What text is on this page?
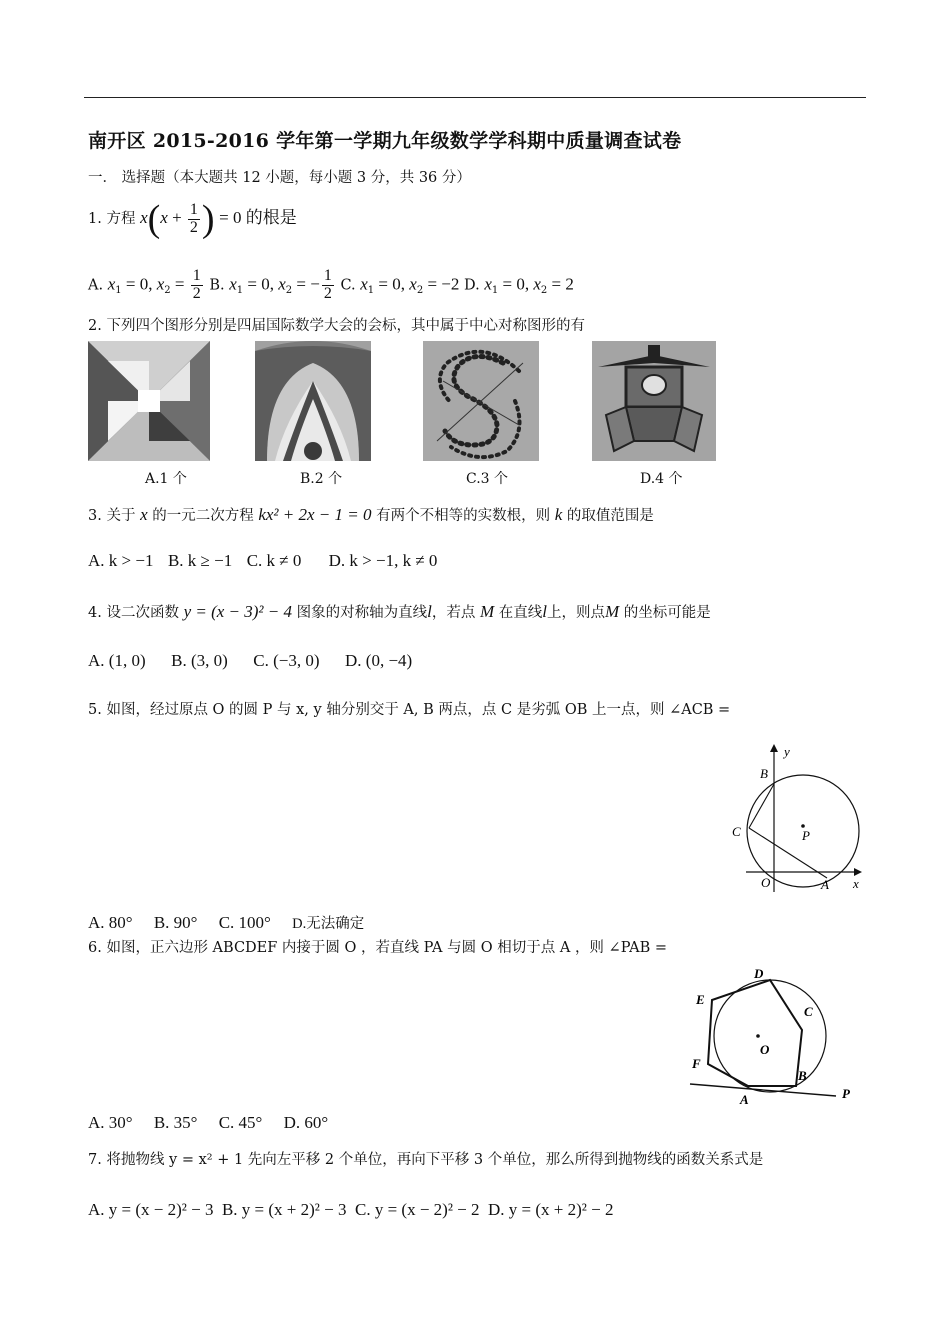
南开区 2015-2016 学年第一学期九年级数学学科期中质量调查试卷
一． 选择题（本大题共 12 小题，每小题 3 分，共 36 分）
1. 方程 $x(x + \frac{1}{2}$ ) = 0 的根是
A. $x_1 = 0$, $x_2 = \frac{1}{2} B$. $x_1 = 0$, $x_2$ = − $\frac{1}{2} C$. $x_1 = 0$, $x_2 = -2$ D. $x_1 = 0$, $x_2 = 2$
2. 下列四个图形分别是四届国际数学大会的会标，其中属于中心对称图形的有
A.1 个	B.2 个	C.3 个	D.4 个
3. 关于 x 的一元二次方程 kx² + 2x − 1 = 0 有两个不相等的实数根，则 k 的取值范围是
A. k > −1 B. k ≥ −1 C. k ≠ 0 D. k > −1, k ≠ 0
4. 设二次函数 y = (x − 3)² − 4 图象的对称轴为直线l，若点 M 在直线l上，则点M 的坐标可能是
A. (1, 0) B. (3, 0) C. (−3, 0) D. (0, −4)
5. 如图，经过原点 O 的圆 P 与 x, y 轴分别交于 A, B 两点，点 C 是劣弧 OB 上一点，则 ∠ACB =
y
B
C	P
O	A x
A. 80° B. 90° C. 100° D.无法确定
6. 如图，正六边形 ABCDEF 内接于圆 O ，若直线 PA 与圆 O 相切于点 A ，则 ∠PAB =
D
E
C
O
F
B
A	P
A. 30° B. 35° C. 45° D. 60°
7. 将抛物线 y = x² + 1 先向左平移 2 个单位，再向下平移 3 个单位，那么所得到抛物线的函数关系式是
A. y = (x − 2)² − 3 B. y = (x + 2)² − 3 C. y = (x − 2)² − 2 D. y = (x + 2)² − 2
